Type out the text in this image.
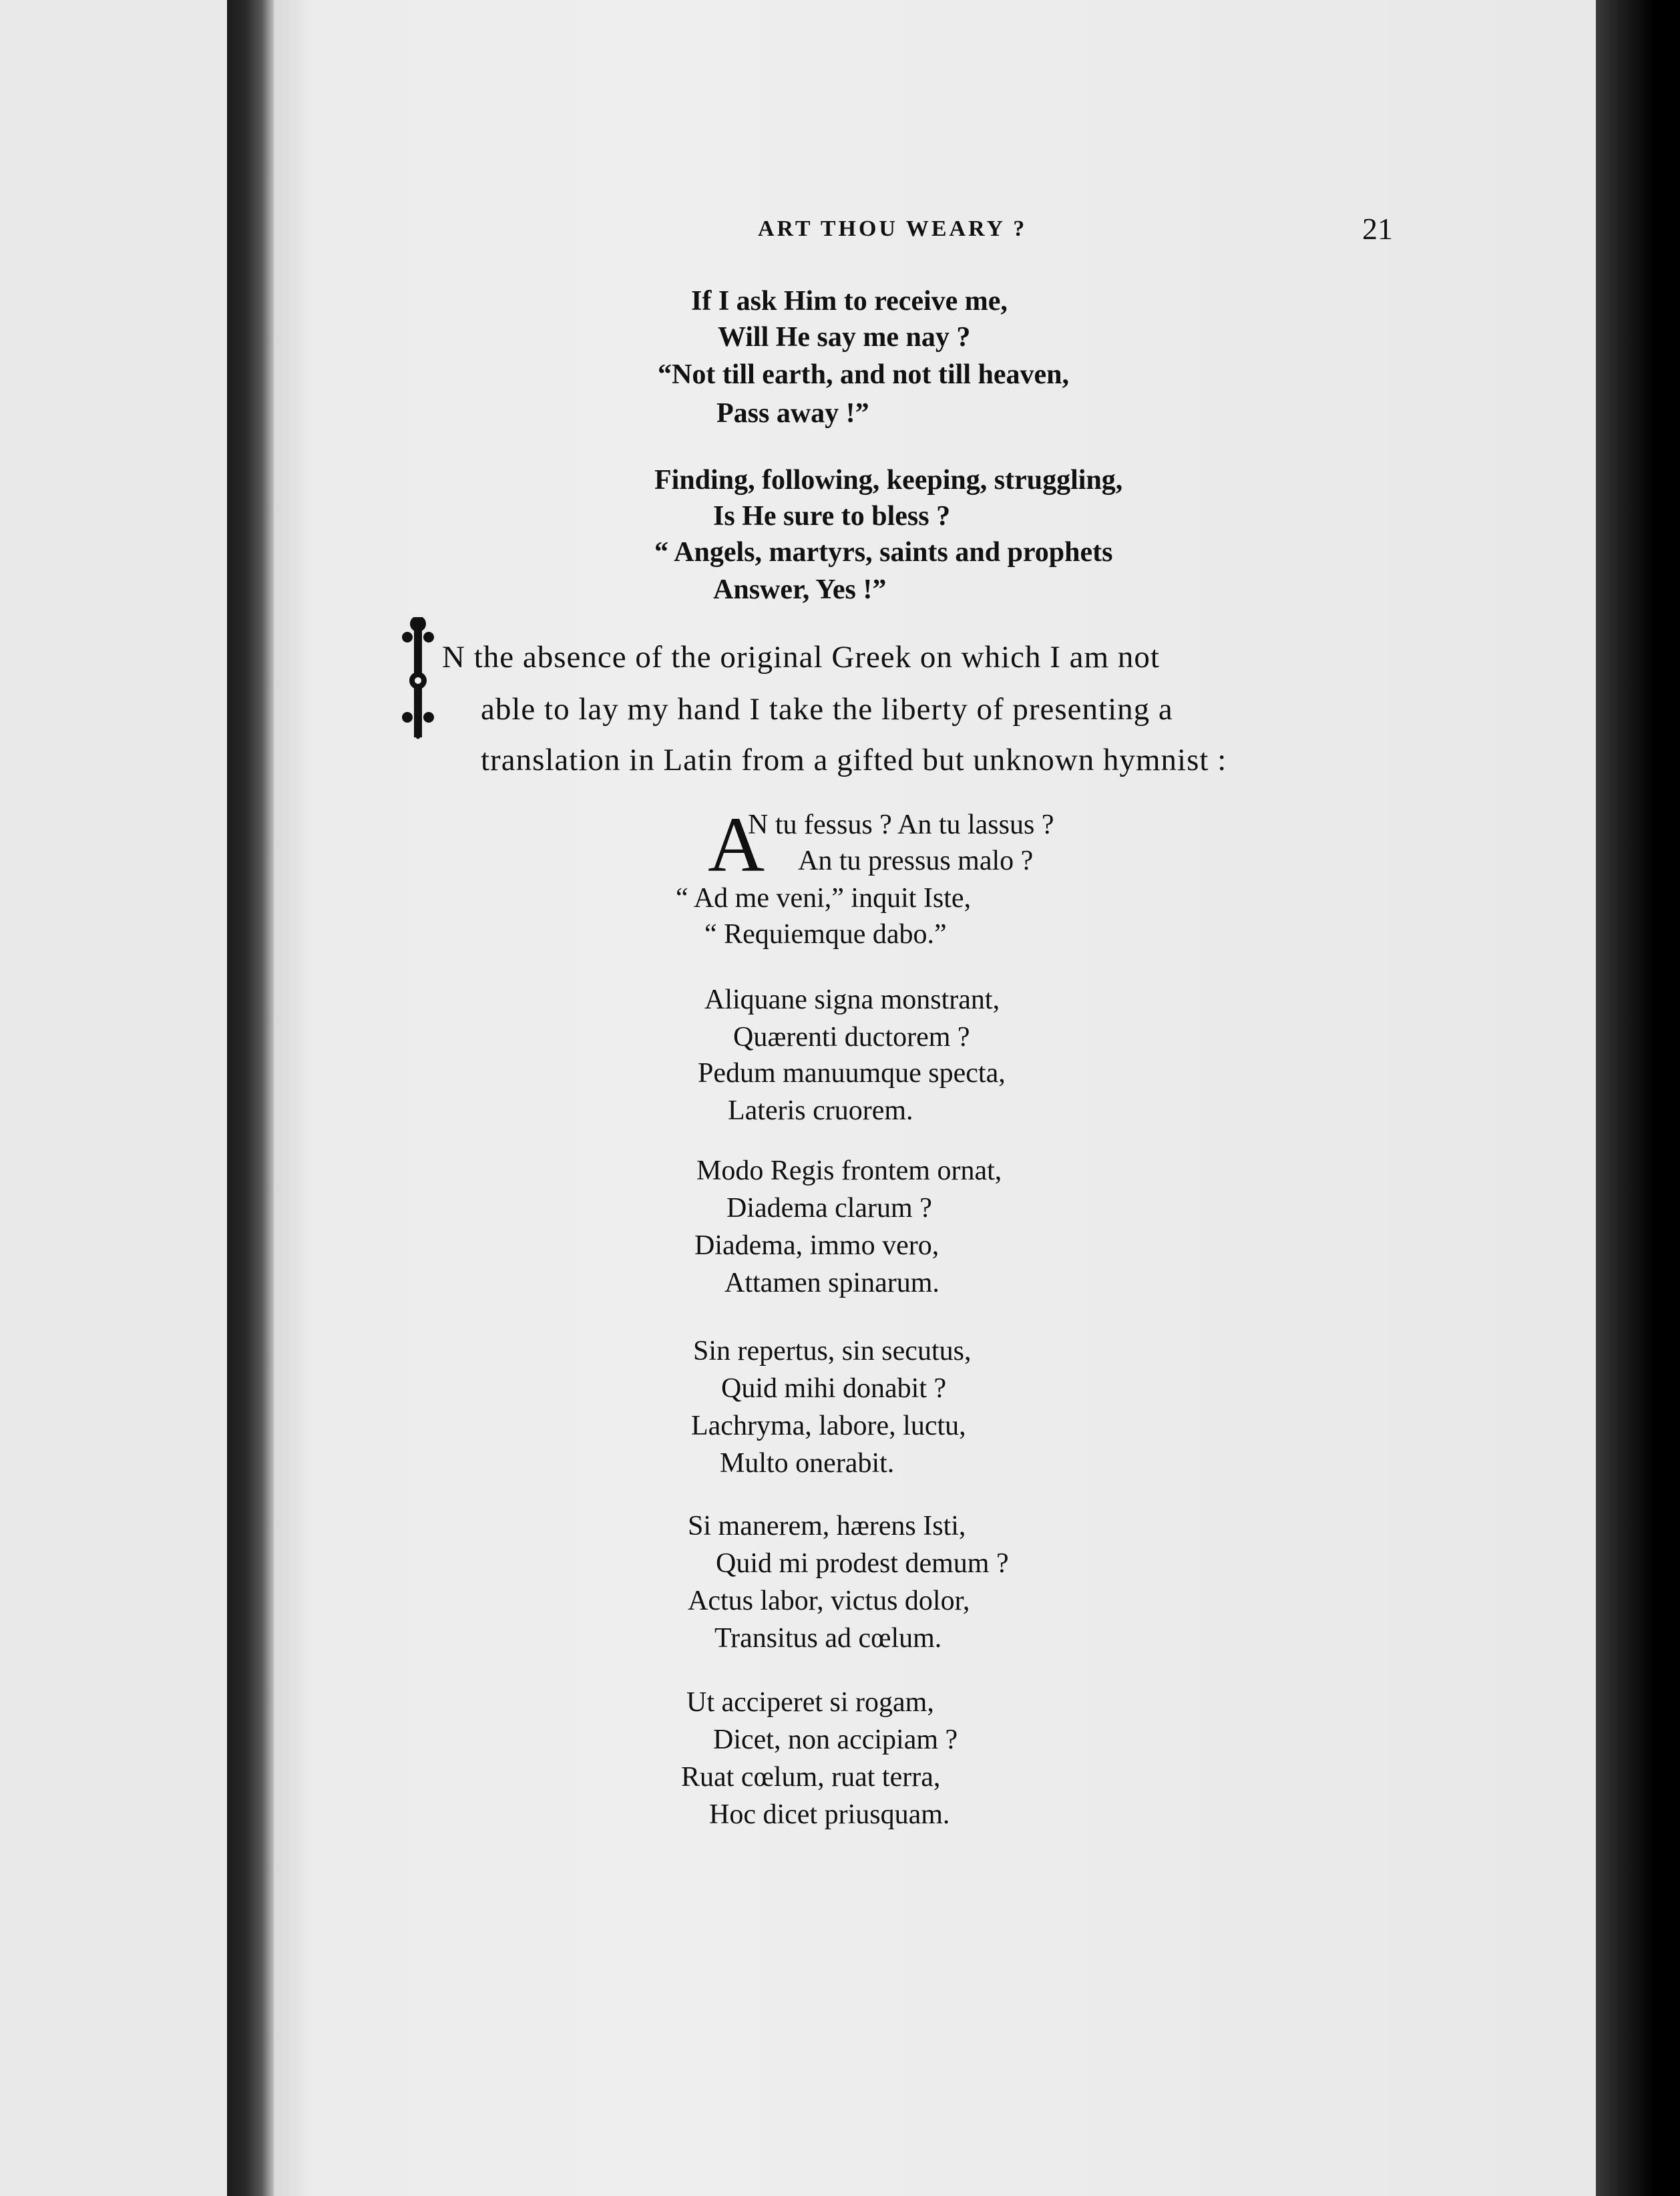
ART THOU WEARY ?	21
If I ask Him to receive me,
Will He say me nay ?
“Not till earth, and not till heaven,
Pass away !”
Finding, following, keeping, struggling,
Is He sure to bless ?
“ Angels, martyrs, saints and prophets
Answer, Yes !”
N the absence of the original Greek on which I am not
able to lay my hand I take the liberty of presenting a
translation in Latin from a gifted but unknown hymnist :
A
N tu fessus ? An tu lassus ?
An tu pressus malo ?
“ Ad me veni,” inquit Iste,
“ Requiemque dabo.”
Aliquane signa monstrant,
Quærenti ductorem ?
Pedum manuumque specta,
Lateris cruorem.
Modo Regis frontem ornat,
Diadema clarum ?
Diadema, immo vero,
Attamen spinarum.
Sin repertus, sin secutus,
Quid mihi donabit ?
Lachryma, labore, luctu,
Multo onerabit.
Si manerem, hærens Isti,
Quid mi prodest demum ?
Actus labor, victus dolor,
Transitus ad cœlum.
Ut acciperet si rogam,
Dicet, non accipiam ?
Ruat cœlum, ruat terra,
Hoc dicet priusquam.
